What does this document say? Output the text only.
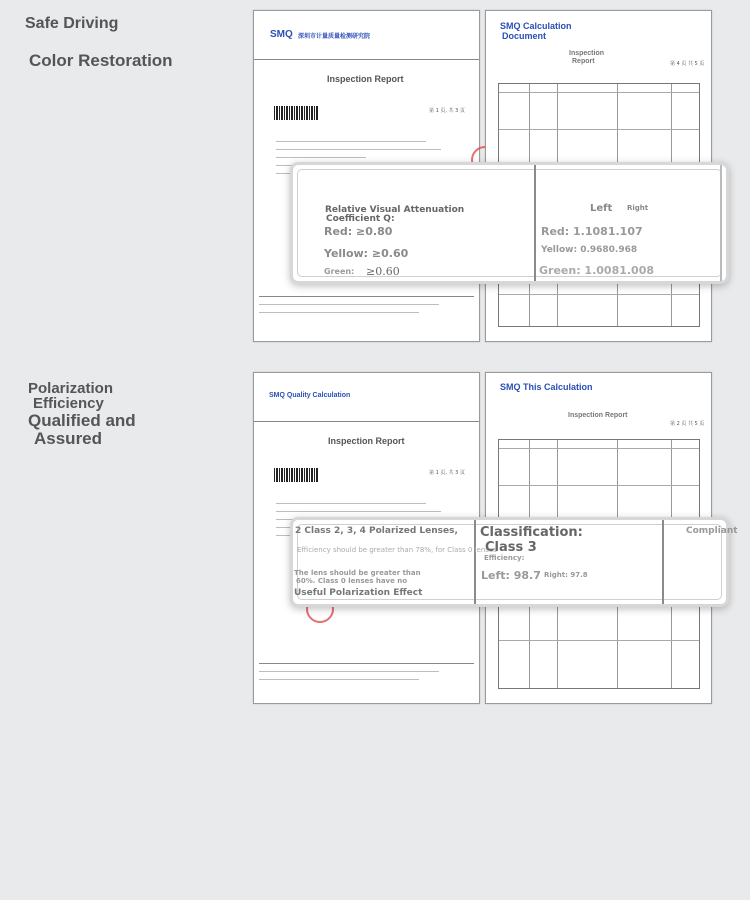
Safe Driving
Color Restoration
Polarization
Efficiency
Qualified and
Assured
SMQ 深圳市计量质量检测研究院
Inspection Report
第 1 页, 共 3 页
SMQ Calculation
Document
Inspection
Report	第 4 页 共 5 页
Relative Visual Attenuation
Coefficient Q:
Red: ≥0.80
Yellow: ≥0.60
Green: ≥0.60
Left Right
Red: 1.1081.107
Yellow: 0.9680.968
Green: 1.0081.008
SMQ Quality Calculation
Inspection Report
第 1 页, 共 3 页
SMQ This Calculation
Inspection Report
第 2 页 共 5 页
2 Class 2, 3, 4 Polarized Lenses,
Efficiency should be greater than 78%, for Class 0 lenses
The lens should be greater than
60%. Class 0 lenses have no
Useful Polarization Effect
Classification:
Class 3
Efficiency:
Left: 98.7 Right: 97.8
Compliant
